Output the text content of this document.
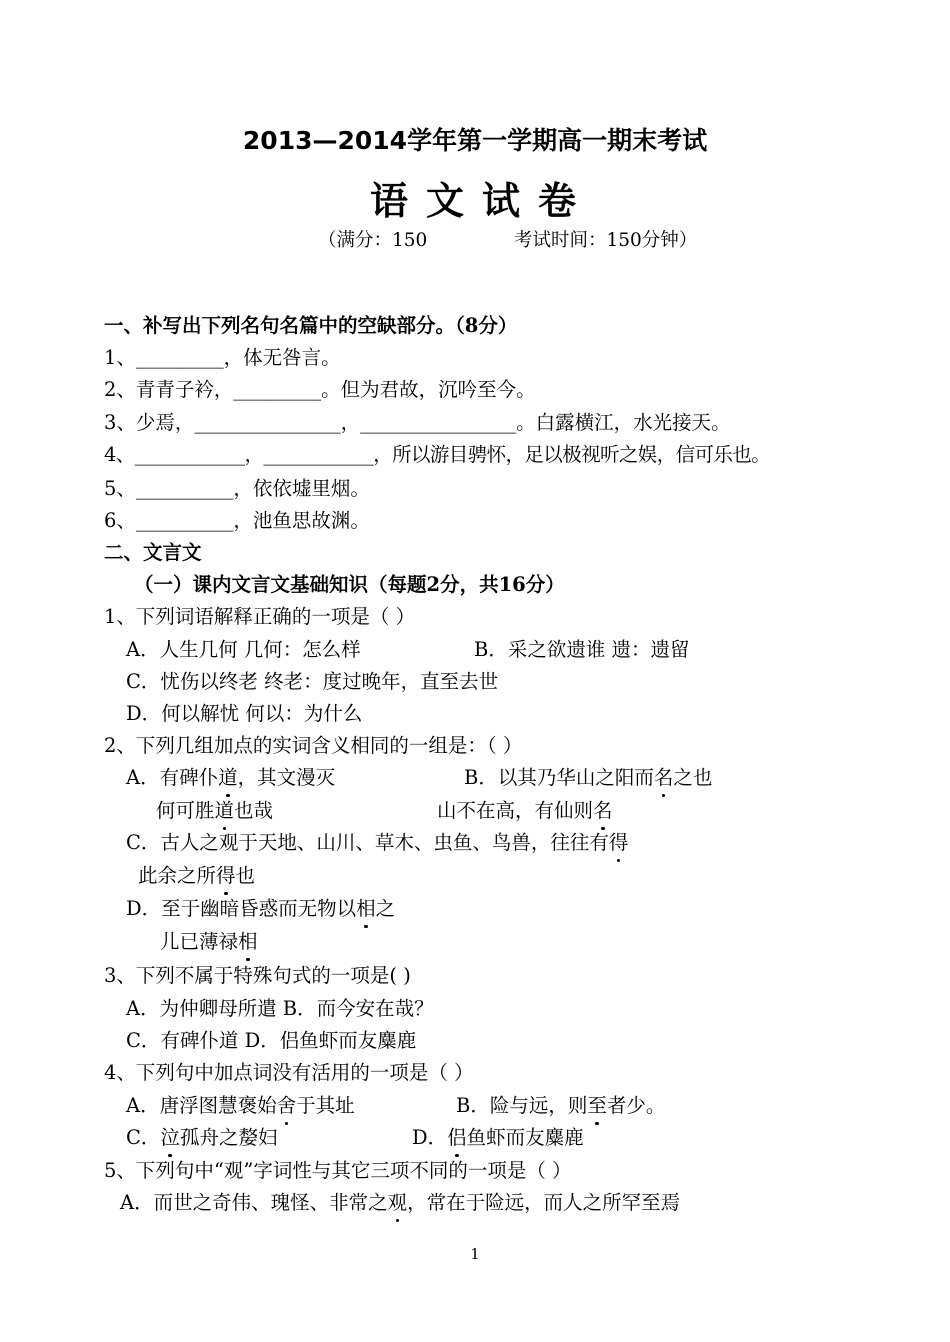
2013—2014学年第一学期高一期末考试
语文试卷
（满分：150	考试时间：150分钟）
一、补写出下列名句名篇中的空缺部分。（8分）
1、_________，体无咎言。
2、青青子衿，_________。但为君故，沉吟至今。
3、少焉，_______________，________________。白露横江，水光接天。
4、____________，____________，所以游目骋怀，足以极视听之娱，信可乐也。
5、__________，依依墟里烟。
6、__________，池鱼思故渊。
二、文言文
（一）课内文言文基础知识（每题2分，共16分）
1、下列词语解释正确的一项是（ ）
A．人生几何 几何：怎么样	B．采之欲遗谁 遗：遗留
C．忧伤以终老 终老：度过晚年，直至去世
D．何以解忧 何以：为什么
2、下列几组加点的实词含义相同的一组是：（ ）
A．有碑仆道，其文漫灭
何可胜道也哉
B．以其乃华山之阳而名之也
山不在高，有仙则名
C．古人之观于天地、山川、草木、虫鱼、鸟兽，往往有得
此余之所得也
D．至于幽暗昏惑而无物以相之
儿已薄禄相
3、下列不属于特殊句式的一项是( )
A．为仲卿母所遣 B．而今安在哉？
C．有碑仆道 D．侣鱼虾而友麋鹿
4、下列句中加点词没有活用的一项是（ ）
A．唐浮图慧褒始舍于其址	B．险与远，则至者少。
C．泣孤舟之嫠妇	D．侣鱼虾而友麋鹿
5、下列句中“观”字词性与其它三项不同的一项是（ ）
A．而世之奇伟、瑰怪、非常之观，常在于险远，而人之所罕至焉
1
